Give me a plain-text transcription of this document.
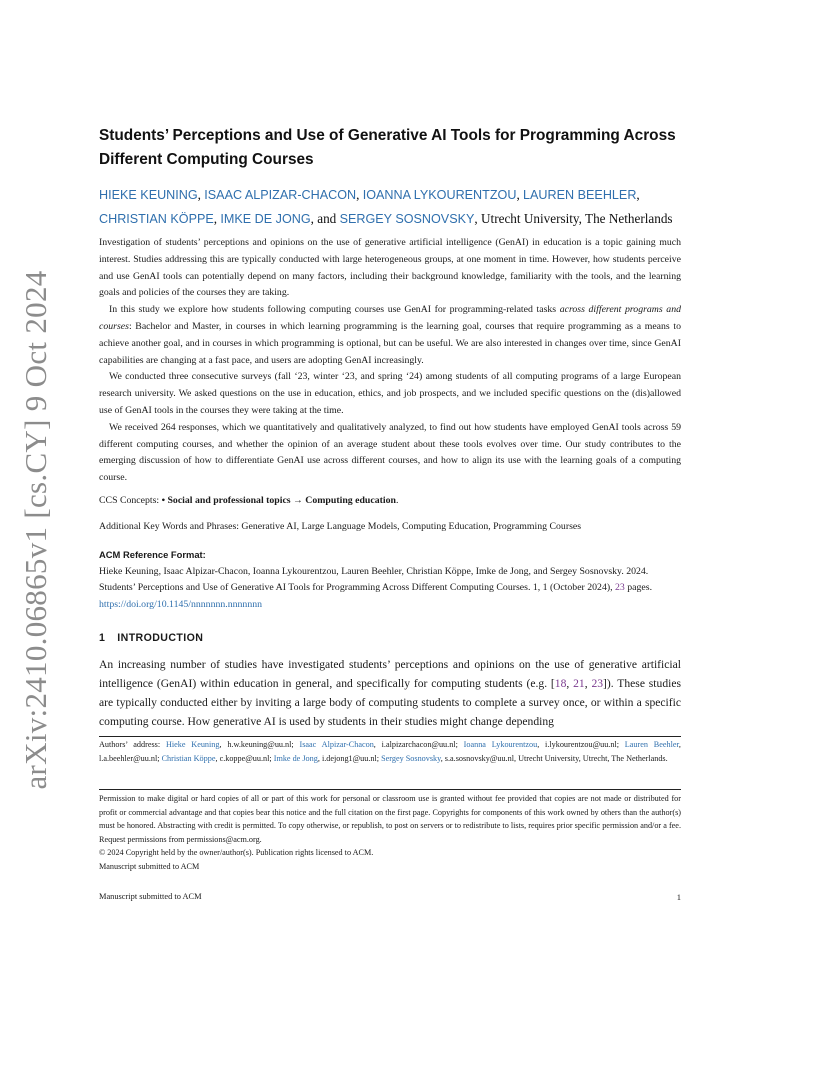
arXiv:2410.06865v1 [cs.CY] 9 Oct 2024
Students’ Perceptions and Use of Generative AI Tools for Programming Across Different Computing Courses

HIEKE KEUNING, ISAAC ALPIZAR-CHACON, IOANNA LYKOURENTZOU, LAUREN BEEHLER, CHRISTIAN KÖPPE, IMKE DE JONG, and SERGEY SOSNOVSKY, Utrecht University, The Netherlands

Investigation of students’ perceptions and opinions on the use of generative artificial intelligence (GenAI) in education is a topic gaining much interest. Studies addressing this are typically conducted with large heterogeneous groups, at one moment in time. However, how students perceive and use GenAI tools can potentially depend on many factors, including their background knowledge, familiarity with the tools, and the learning goals and policies of the courses they are taking.

In this study we explore how students following computing courses use GenAI for programming-related tasks across different programs and courses: Bachelor and Master, in courses in which learning programming is the learning goal, courses that require programming as a means to achieve another goal, and in courses in which programming is optional, but can be useful. We are also interested in changes over time, since GenAI capabilities are changing at a fast pace, and users are adopting GenAI increasingly.

We conducted three consecutive surveys (fall ‘23, winter ‘23, and spring ‘24) among students of all computing programs of a large European research university. We asked questions on the use in education, ethics, and job prospects, and we included specific questions on the (dis)allowed use of GenAI tools in the courses they were taking at the time.

We received 264 responses, which we quantitatively and qualitatively analyzed, to find out how students have employed GenAI tools across 59 different computing courses, and whether the opinion of an average student about these tools evolves over time. Our study contributes to the emerging discussion of how to differentiate GenAI use across different courses, and how to align its use with the learning goals of a computing course.

CCS Concepts: • Social and professional topics → Computing education.
Additional Key Words and Phrases: Generative AI, Large Language Models, Computing Education, Programming Courses
ACM Reference Format:
Hieke Keuning, Isaac Alpizar-Chacon, Ioanna Lykourentzou, Lauren Beehler, Christian Köppe, Imke de Jong, and Sergey Sosnovsky. 2024. Students’ Perceptions and Use of Generative AI Tools for Programming Across Different Computing Courses. 1, 1 (October 2024), 23 pages. https://doi.org/10.1145/nnnnnnn.nnnnnnn
1 INTRODUCTION

An increasing number of studies have investigated students’ perceptions and opinions on the use of generative artificial intelligence (GenAI) within education in general, and specifically for computing students (e.g. [18, 21, 23]). These studies are typically conducted either by inviting a large body of computing students to complete a survey once, or within a specific computing course. How generative AI is used by students in their studies might change depending

Authors’ address: Hieke Keuning, h.w.keuning@uu.nl; Isaac Alpizar-Chacon, i.alpizarchacon@uu.nl; Ioanna Lykourentzou, i.lykourentzou@uu.nl; Lauren Beehler, l.a.beehler@uu.nl; Christian Köppe, c.koppe@uu.nl; Imke de Jong, i.dejong1@uu.nl; Sergey Sosnovsky, s.a.sosnovsky@uu.nl, Utrecht University, Utrecht, The Netherlands.

Permission to make digital or hard copies of all or part of this work for personal or classroom use is granted without fee provided that copies are not made or distributed for profit or commercial advantage and that copies bear this notice and the full citation on the first page. Copyrights for components of this work owned by others than the author(s) must be honored. Abstracting with credit is permitted. To copy otherwise, or republish, to post on servers or to redistribute to lists, requires prior specific permission and/or a fee. Request permissions from permissions@acm.org.

© 2024 Copyright held by the owner/author(s). Publication rights licensed to ACM.

Manuscript submitted to ACM

Manuscript submitted to ACM	1
